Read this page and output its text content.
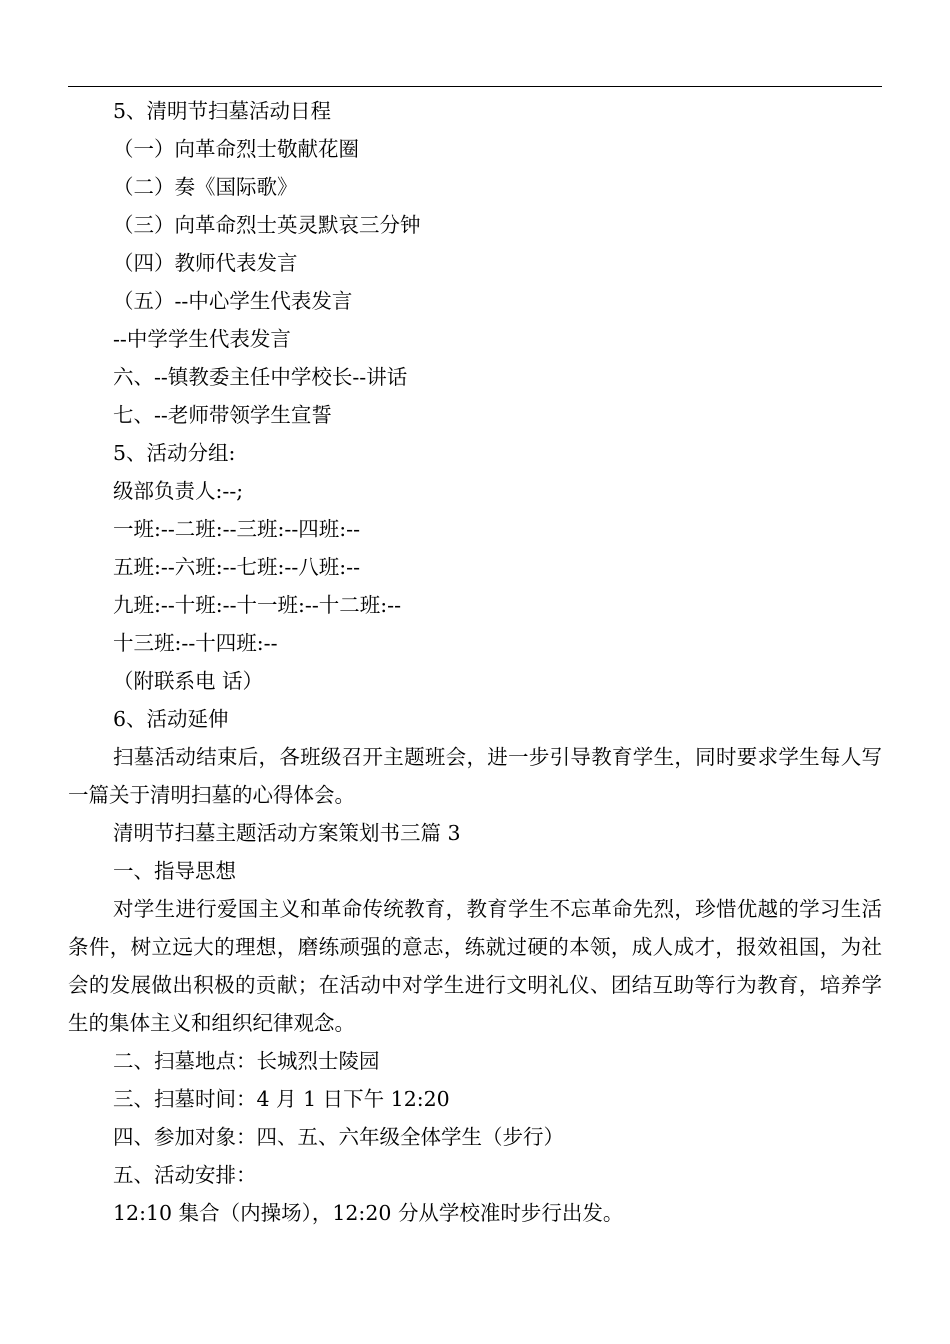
5、清明节扫墓活动日程
（一）向革命烈士敬献花圈
（二）奏《国际歌》
（三）向革命烈士英灵默哀三分钟
（四）教师代表发言
（五）--中心学生代表发言
--中学学生代表发言
六、--镇教委主任中学校长--讲话
七、--老师带领学生宣誓
5、活动分组:
级部负责人:--;
一班:--二班:--三班:--四班:--
五班:--六班:--七班:--八班:--
九班:--十班:--十一班:--十二班:--
十三班:--十四班:--
（附联系电 话）
6、活动延伸
扫墓活动结束后，各班级召开主题班会，进一步引导教育学生，同时要求学生每人写一篇关于清明扫墓的心得体会。
清明节扫墓主题活动方案策划书三篇 3
一、指导思想
对学生进行爱国主义和革命传统教育，教育学生不忘革命先烈，珍惜优越的学习生活条件，树立远大的理想，磨练顽强的意志，练就过硬的本领，成人成才，报效祖国，为社会的发展做出积极的贡献；在活动中对学生进行文明礼仪、团结互助等行为教育，培养学生的集体主义和组织纪律观念。
二、扫墓地点：长城烈士陵园
三、扫墓时间：4 月 1 日下午 12:20
四、参加对象：四、五、六年级全体学生（步行）
五、活动安排：
12:10 集合（内操场），12:20 分从学校准时步行出发。
